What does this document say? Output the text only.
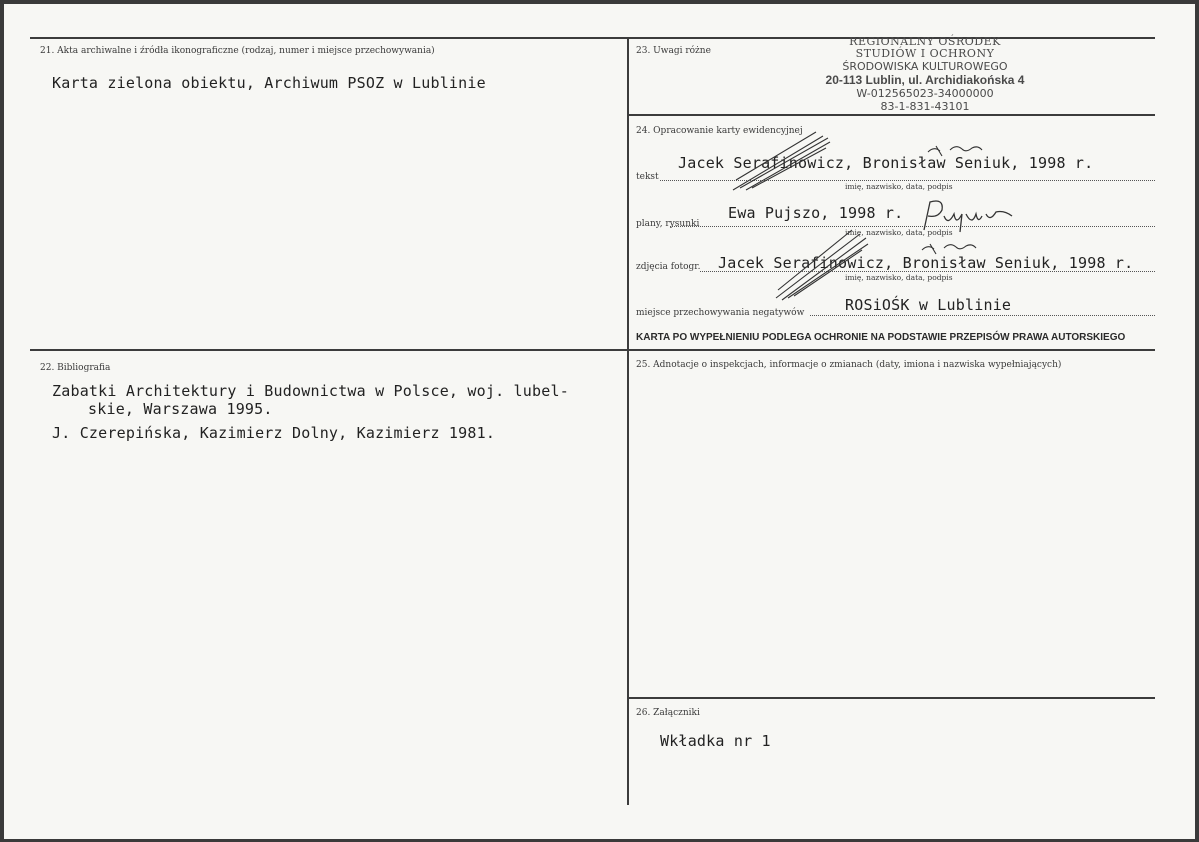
21. Akta archiwalne i źródła ikonograficzne (rodzaj, numer i miejsce przechowywania)
Karta zielona obiektu, Archiwum PSOZ w Lublinie
22. Bibliografia
Zabatki Architektury i Budownictwa w Polsce, woj. lubel-
skie, Warszawa 1995.
J. Czerepińska, Kazimierz Dolny, Kazimierz 1981.
23. Uwagi różne
REGIONALNY OŚRODEK
STUDIÓW I OCHRONY
ŚRODOWISKA KULTUROWEGO
20-113 Lublin, ul. Archidiakońska 4
W-012565023-34000000
83-1-831-43101
24. Opracowanie karty ewidencyjnej
Jacek Serafinowicz, Bronisław Seniuk, 1998 r.
tekst
imię, nazwisko, data, podpis
Ewa Pujszo, 1998 r.
plany, rysunki
imię, nazwisko, data, podpis
Jacek Serafinowicz, Bronisław Seniuk, 1998 r.
zdjęcia fotogr.
imię, nazwisko, data, podpis
ROSiOŚK w Lublinie
miejsce przechowywania negatywów
KARTA PO WYPEŁNIENIU PODLEGA OCHRONIE NA PODSTAWIE PRZEPISÓW PRAWA AUTORSKIEGO
25. Adnotacje o inspekcjach, informacje o zmianach (daty, imiona i nazwiska wypełniających)
26. Załączniki
Wkładka nr 1
